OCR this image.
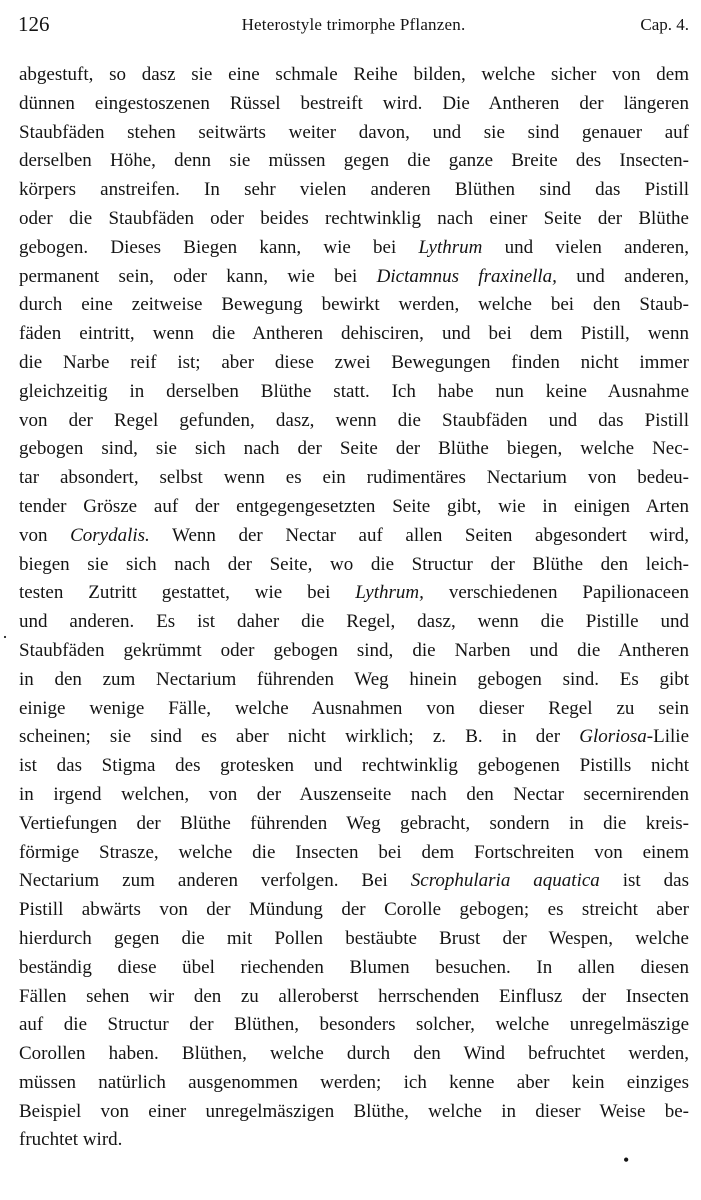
126	Heterostyle trimorphe Pflanzen.	Cap. 4.
·
abgestuft, so dasz sie eine schmale Reihe bilden, welche sicher von dem
dünnen eingestoszenen Rüssel bestreift wird. Die Antheren der längeren
Staubfäden stehen seitwärts weiter davon, und sie sind genauer auf
derselben Höhe, denn sie müssen gegen die ganze Breite des Insecten-
körpers anstreifen. In sehr vielen anderen Blüthen sind das Pistill
oder die Staubfäden oder beides rechtwinklig nach einer Seite der Blüthe
gebogen. Dieses Biegen kann, wie bei Lythrum und vielen anderen,
permanent sein, oder kann, wie bei Dictamnus fraxinella, und anderen,
durch eine zeitweise Bewegung bewirkt werden, welche bei den Staub-
fäden eintritt, wenn die Antheren dehisciren, und bei dem Pistill, wenn
die Narbe reif ist; aber diese zwei Bewegungen finden nicht immer
gleichzeitig in derselben Blüthe statt. Ich habe nun keine Ausnahme
von der Regel gefunden, dasz, wenn die Staubfäden und das Pistill
gebogen sind, sie sich nach der Seite der Blüthe biegen, welche Nec-
tar absondert, selbst wenn es ein rudimentäres Nectarium von bedeu-
tender Grösze auf der entgegengesetzten Seite gibt, wie in einigen Arten
von Corydalis. Wenn der Nectar auf allen Seiten abgesondert wird,
biegen sie sich nach der Seite, wo die Structur der Blüthe den leich-
testen Zutritt gestattet, wie bei Lythrum, verschiedenen Papilionaceen
und anderen. Es ist daher die Regel, dasz, wenn die Pistille und
Staubfäden gekrümmt oder gebogen sind, die Narben und die Antheren
in den zum Nectarium führenden Weg hinein gebogen sind. Es gibt
einige wenige Fälle, welche Ausnahmen von dieser Regel zu sein
scheinen; sie sind es aber nicht wirklich; z. B. in der Gloriosa-Lilie
ist das Stigma des grotesken und rechtwinklig gebogenen Pistills nicht
in irgend welchen, von der Auszenseite nach den Nectar secernirenden
Vertiefungen der Blüthe führenden Weg gebracht, sondern in die kreis-
förmige Strasze, welche die Insecten bei dem Fortschreiten von einem
Nectarium zum anderen verfolgen. Bei Scrophularia aquatica ist das
Pistill abwärts von der Mündung der Corolle gebogen; es streicht aber
hierdurch gegen die mit Pollen bestäubte Brust der Wespen, welche
beständig diese übel riechenden Blumen besuchen. In allen diesen
Fällen sehen wir den zu alleroberst herrschenden Einflusz der Insecten
auf die Structur der Blüthen, besonders solcher, welche unregelmäszige
Corollen haben. Blüthen, welche durch den Wind befruchtet werden,
müssen natürlich ausgenommen werden; ich kenne aber kein einziges
Beispiel von einer unregelmäszigen Blüthe, welche in dieser Weise be-
fruchtet wird.
•
